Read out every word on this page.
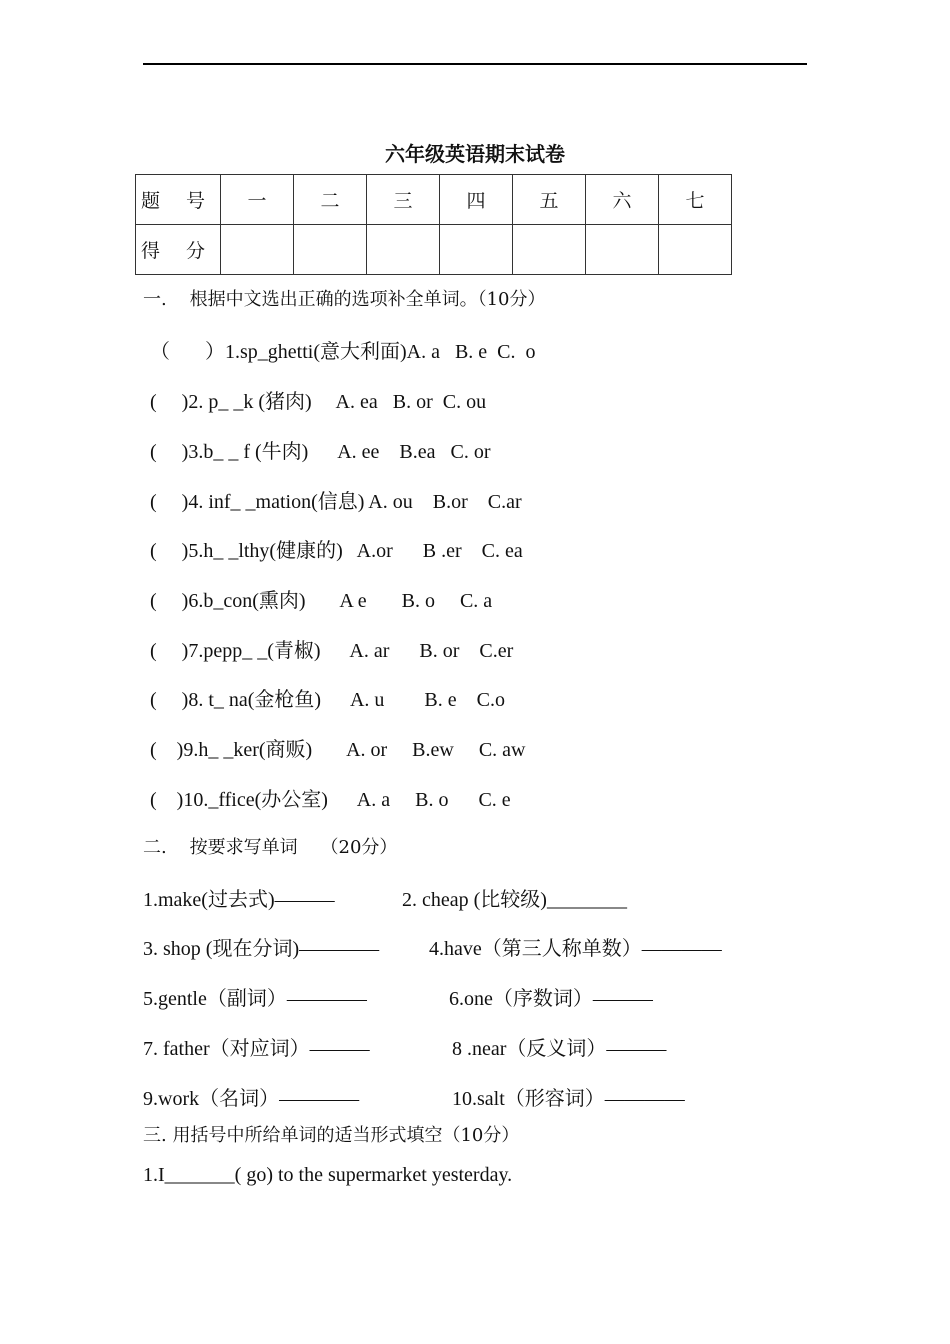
六年级英语期末试卷
题 号	一	二	三	四	五	六	七
得 分							
一.    根据中文选出正确的选项补全单词。（10分）
（       ）1.sp_ghetti(意大利面)A. a   B. e  C.  o
(     )2. p_ _k (猪肉)     A. ea   B. or  C. ou
(     )3.b_ _ f (牛肉)      A. ee    B.ea   C. or
(     )4. inf_ _mation(信息) A. ou    B.or    C.ar
(     )5.h_ _lthy(健康的)   A.or      B .er    C. ea
(     )6.b_con(熏肉)       A e       B. o     C. a
(     )7.pepp_ _(青椒)      A. ar      B. or    C.er
(     )8. t_ na(金枪鱼)      A. u        B. e    C.o
(    )9.h_ _ker(商贩)       A. or     B.ew     C. aw
(    )10._ffice(办公室)      A. a     B. o      C. e
二.    按要求写单词    （20分）
1.make(过去式)———	2. cheap (比较级)________
3. shop (现在分词)———— 4.have（第三人称单数）————
5.gentle（副词）————	6.one（序数词）———
7. father（对应词）———	8 .near（反义词）———
9.work（名词）————	10.salt（形容词）————
三. 用括号中所给单词的适当形式填空（10分）
1.I_______( go) to the supermarket yesterday.
